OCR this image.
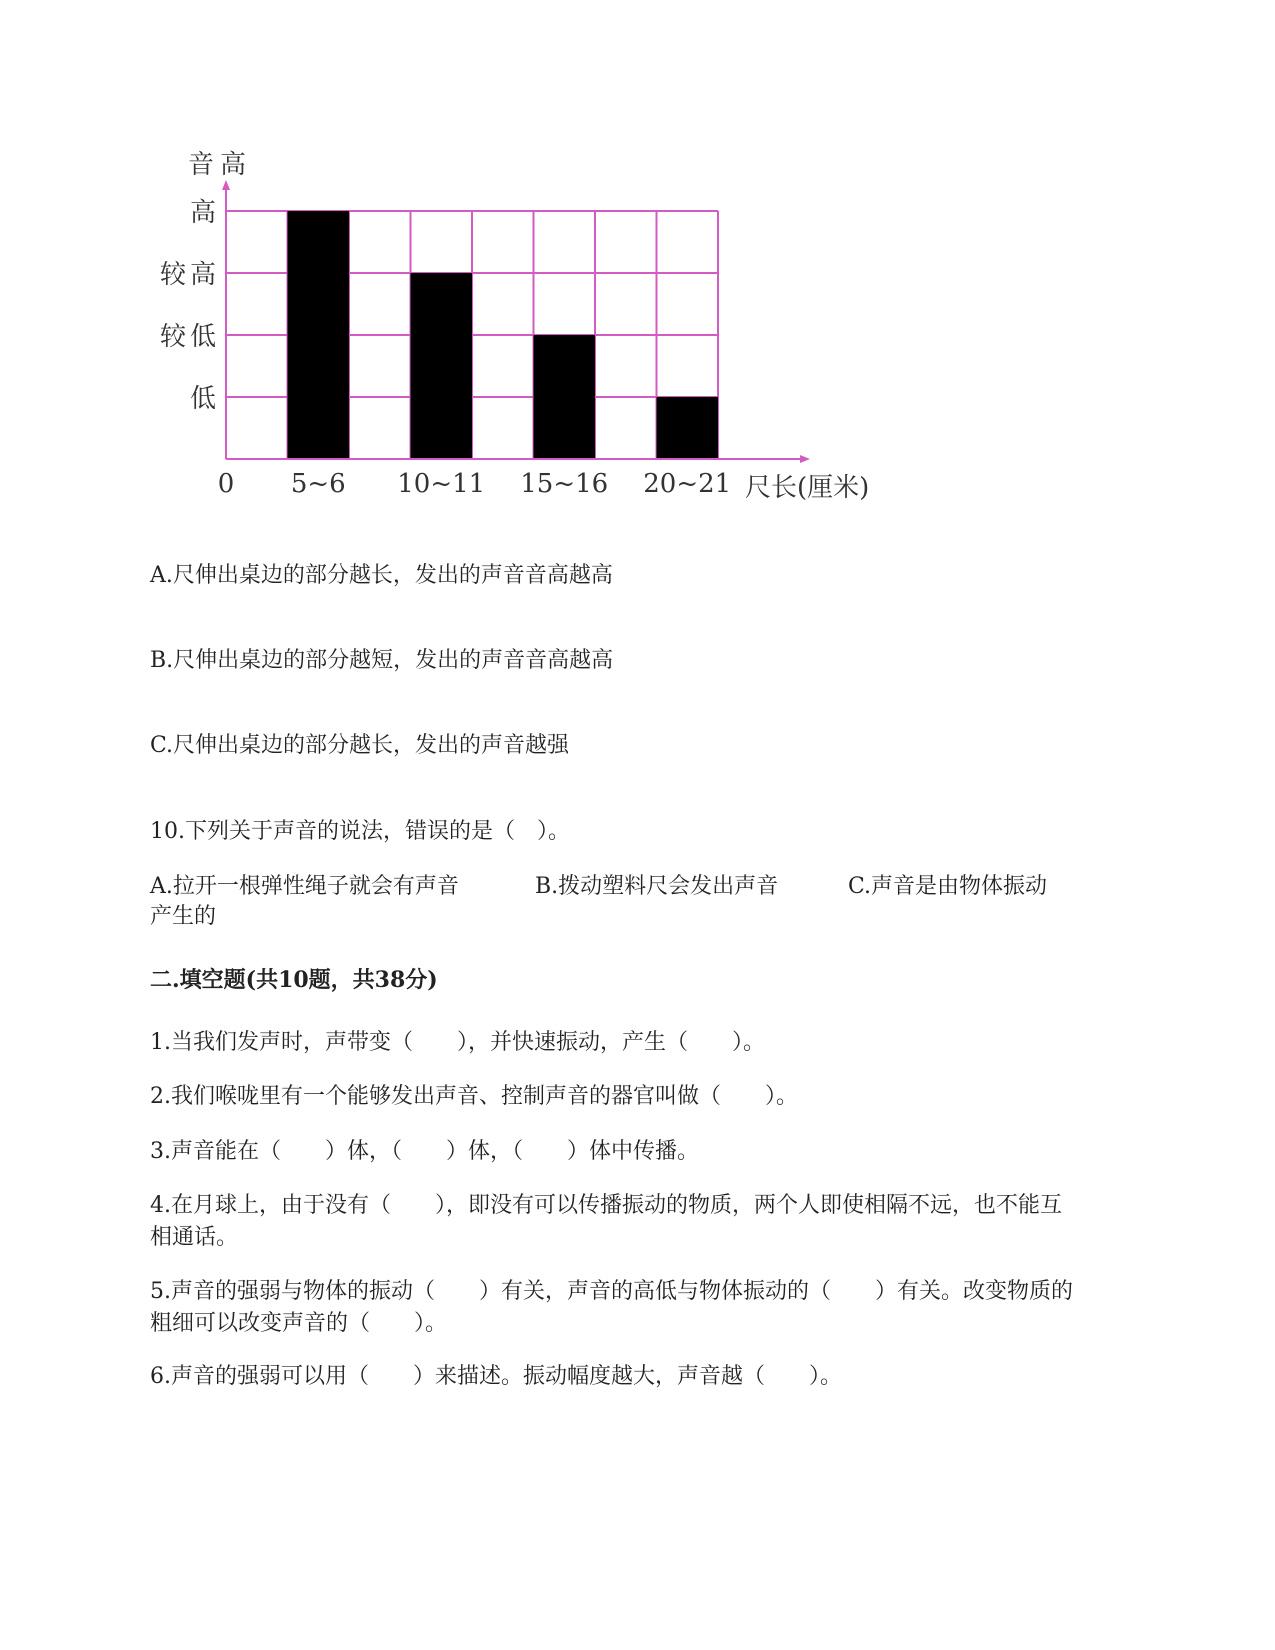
音高
低
较低
较高
高
0 5~6 10~11 15~16 20~21 尺长(厘米)

A.尺伸出桌边的部分越长，发出的声音音高越高

B.尺伸出桌边的部分越短，发出的声音音高越高

C.尺伸出桌边的部分越长，发出的声音越强

10.下列关于声音的说法，错误的是（　）。

A.拉开一根弹性绳子就会有声音	B.拨动塑料尺会发出声音	C.声音是由物体振动

产生的

二.填空题(共10题，共38分)

1.当我们发声时，声带变（　　），并快速振动，产生（　　）。

2.我们喉咙里有一个能够发出声音、控制声音的器官叫做（　　）。

3.声音能在（　　）体，（　　）体，（　　）体中传播。

4.在月球上，由于没有（　　），即没有可以传播振动的物质，两个人即使相隔不远，也不能互相通话。

5.声音的强弱与物体的振动（　　）有关，声音的高低与物体振动的（　　）有关。改变物质的粗细可以改变声音的（　　）。

6.声音的强弱可以用（　　）来描述。振动幅度越大，声音越（　　）。
